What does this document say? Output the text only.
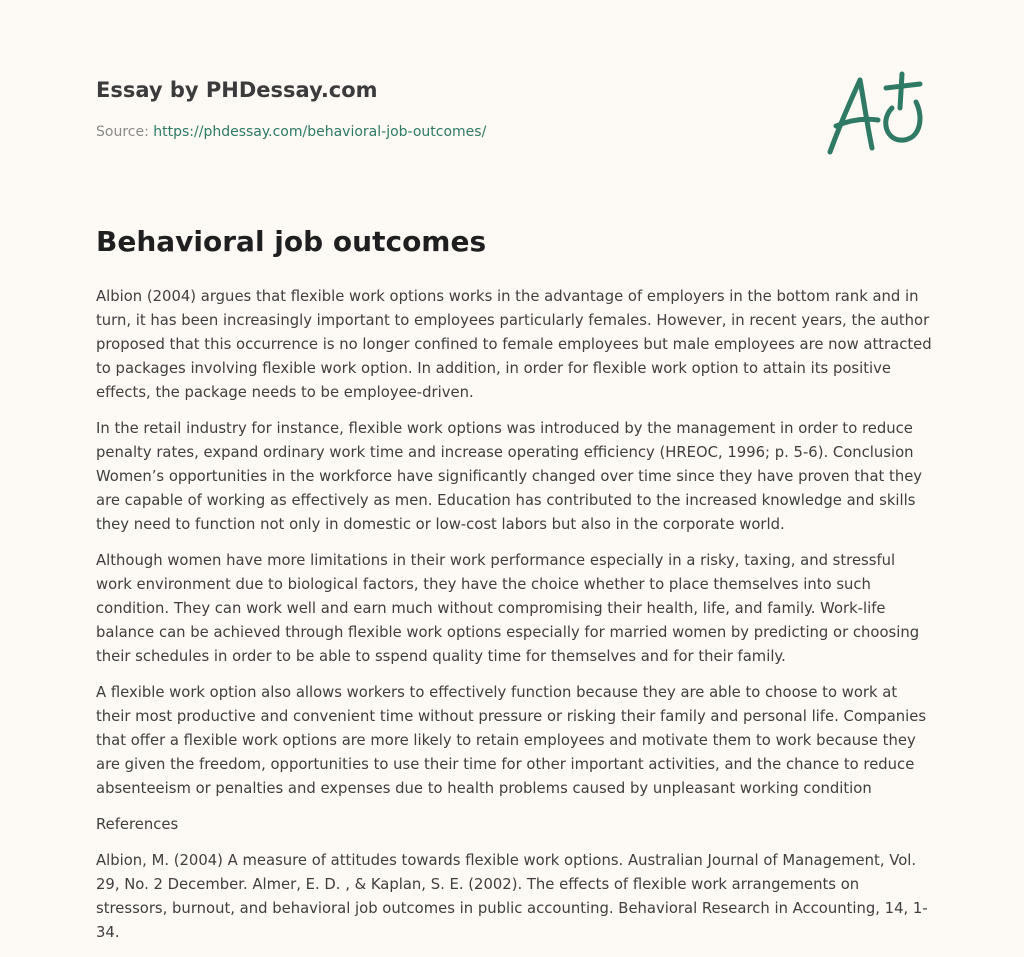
Essay by PHDessay.com
Source: https://phdessay.com/behavioral-job-outcomes/
Behavioral job outcomes

Albion (2004) argues that flexible work options works in the advantage of employers in the bottom rank and in turn, it has been increasingly important to employees particularly females. However, in recent years, the author proposed that this occurrence is no longer confined to female employees but male employees are now attracted to packages involving flexible work option. In addition, in order for flexible work option to attain its positive effects, the package needs to be employee-driven.

In the retail industry for instance, flexible work options was introduced by the management in order to reduce penalty rates, expand ordinary work time and increase operating efficiency (HREOC, 1996; p. 5-6). Conclusion Women’s opportunities in the workforce have significantly changed over time since they have proven that they are capable of working as effectively as men. Education has contributed to the increased knowledge and skills they need to function not only in domestic or low-cost labors but also in the corporate world.

Although women have more limitations in their work performance especially in a risky, taxing, and stressful work environment due to biological factors, they have the choice whether to place themselves into such condition. They can work well and earn much without compromising their health, life, and family. Work-life balance can be achieved through flexible work options especially for married women by predicting or choosing their schedules in order to be able to sspend quality time for themselves and for their family.

A flexible work option also allows workers to effectively function because they are able to choose to work at their most productive and convenient time without pressure or risking their family and personal life. Companies that offer a flexible work options are more likely to retain employees and motivate them to work because they are given the freedom, opportunities to use their time for other important activities, and the chance to reduce absenteeism or penalties and expenses due to health problems caused by unpleasant working condition

References

Albion, M. (2004) A measure of attitudes towards flexible work options. Australian Journal of Management, Vol. 29, No. 2 December. Almer, E. D. , & Kaplan, S. E. (2002). The effects of flexible work arrangements on stressors, burnout, and behavioral job outcomes in public accounting. Behavioral Research in Accounting, 14, 1-34.
